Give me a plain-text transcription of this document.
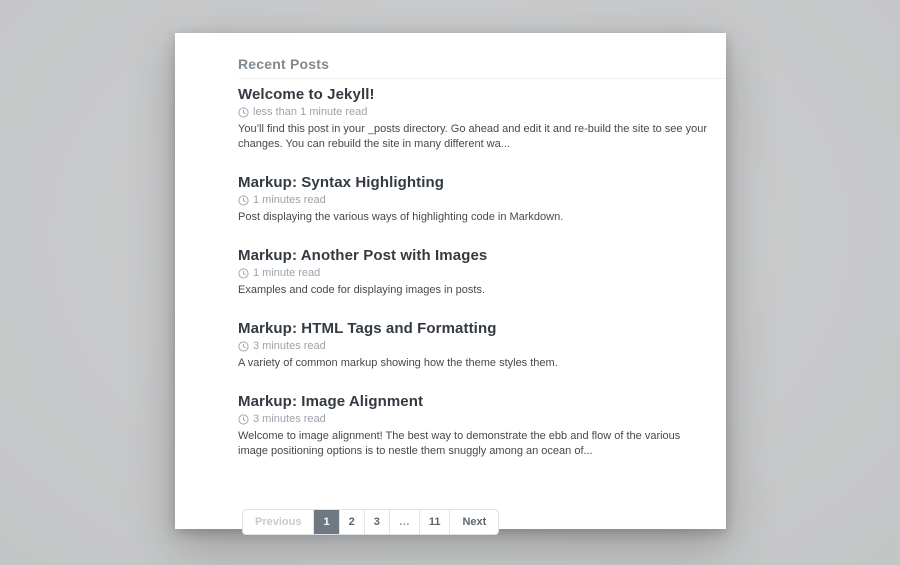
Recent Posts
Welcome to Jekyll!
less than 1 minute read

You’ll find this post in your _posts directory. Go ahead and edit it and re-build the site to see your changes. You can rebuild the site in many different wa...

Markup: Syntax Highlighting
1 minutes read

Post displaying the various ways of highlighting code in Markdown.

Markup: Another Post with Images
1 minute read

Examples and code for displaying images in posts.

Markup: HTML Tags and Formatting
3 minutes read

A variety of common markup showing how the theme styles them.

Markup: Image Alignment
3 minutes read

Welcome to image alignment! The best way to demonstrate the ebb and flow of the various image positioning options is to nestle them snuggly among an ocean of...

Previous	1	2	3	…	11	Next
